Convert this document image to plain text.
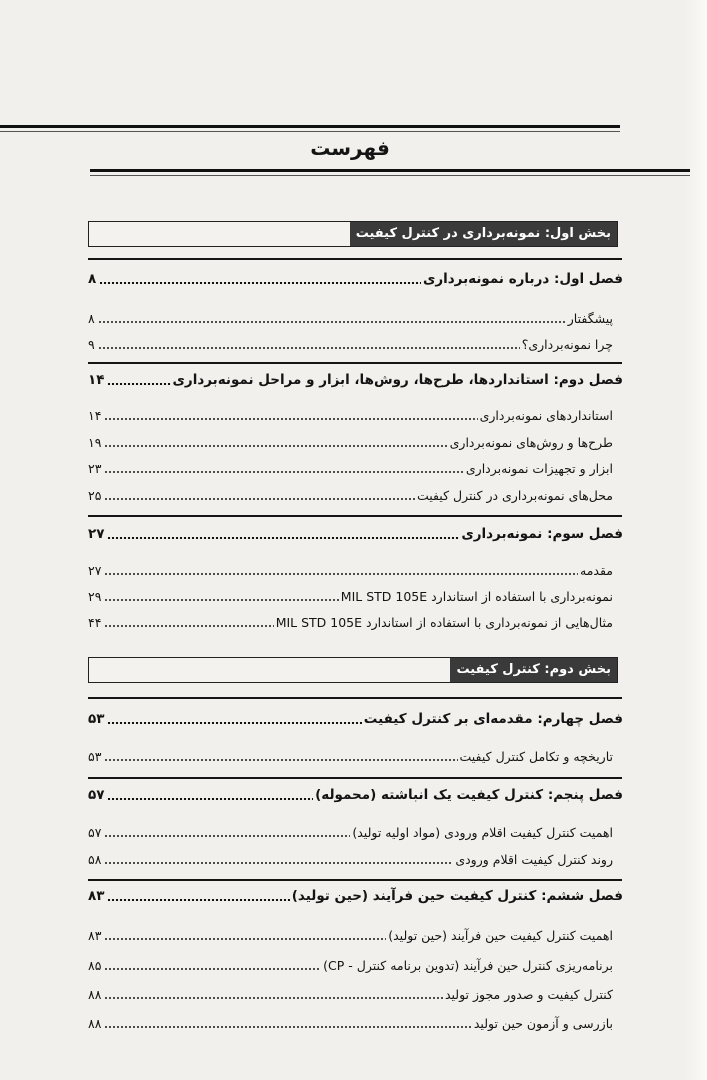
فهرست
بخش اول: نمونه‌برداری در کنترل کیفیت
فصل اول: درباره نمونه‌برداری
۸
پیشگفتار
۸
چرا نمونه‌برداری؟
۹
فصل دوم: استانداردها، طرح‌ها، روش‌ها، ابزار و مراحل نمونه‌برداری
۱۴
استانداردهای نمونه‌برداری
۱۴
طرح‌ها و روش‌های نمونه‌برداری
۱۹
ابزار و تجهیزات نمونه‌برداری
۲۳
محل‌های نمونه‌برداری در کنترل کیفیت
۲۵
فصل سوم: نمونه‌برداری
۲۷
مقدمه
۲۷
نمونه‌برداری با استفاده از استاندارد MIL STD 105E
۲۹
مثال‌هایی از نمونه‌برداری با استفاده از استاندارد MIL STD 105E
۴۴
بخش دوم: کنترل کیفیت
فصل چهارم: مقدمه‌ای بر کنترل کیفیت
۵۳
تاریخچه و تکامل کنترل کیفیت
۵۳
فصل پنجم: کنترل کیفیت یک انباشته (محموله)
۵۷
اهمیت کنترل کیفیت اقلام ورودی (مواد اولیه تولید)
۵۷
روند کنترل کیفیت اقلام ورودی
۵۸
فصل ششم: کنترل کیفیت حین فرآیند (حین تولید)
۸۳
اهمیت کنترل کیفیت حین فرآیند (حین تولید)
۸۳
برنامه‌ریزی کنترل حین فرآیند (تدوین برنامه کنترل - CP)
۸۵
کنترل کیفیت و صدور مجوز تولید
۸۸
بازرسی و آزمون حین تولید
۸۸
